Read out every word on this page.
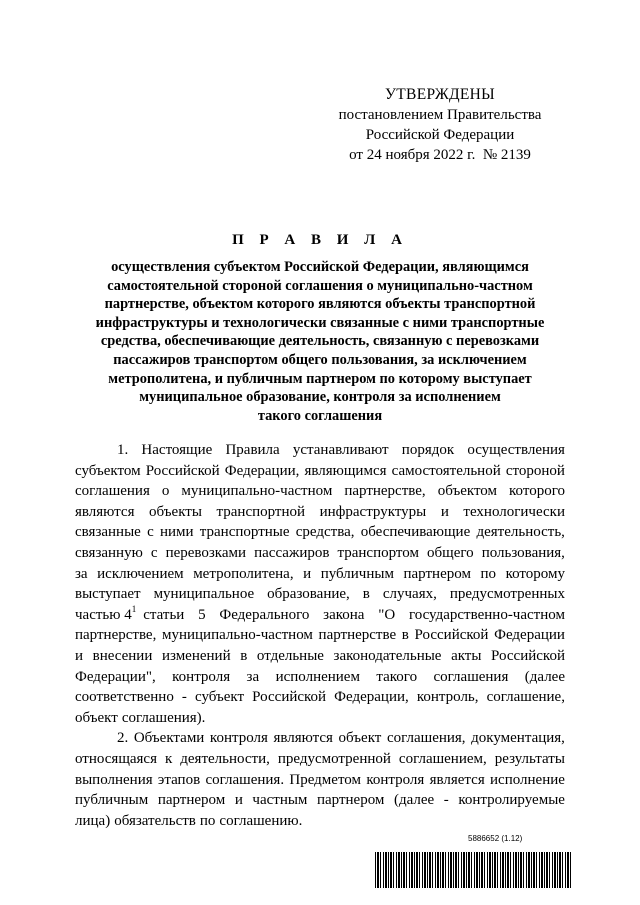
УТВЕРЖДЕНЫ
постановлением Правительства
Российской Федерации
от 24 ноября 2022 г.  № 2139
П Р А В И Л А
осуществления субъектом Российской Федерации, являющимся
самостоятельной стороной соглашения о муниципально-частном
партнерстве, объектом которого являются объекты транспортной
инфраструктуры и технологически связанные с ними транспортные
средства, обеспечивающие деятельность, связанную с перевозками
пассажиров транспортом общего пользования, за исключением
метрополитена, и публичным партнером по которому выступает
муниципальное образование, контроля за исполнением
такого соглашения
1. Настоящие Правила устанавливают порядок осуществления
субъектом Российской Федерации, являющимся самостоятельной стороной
соглашения о муниципально-частном партнерстве, объектом которого
являются объекты транспортной инфраструктуры и технологически
связанные с ними транспортные средства, обеспечивающие деятельность,
связанную с перевозками пассажиров транспортом общего пользования,
за исключением метрополитена, и публичным партнером по которому
выступает муниципальное образование, в случаях, предусмотренных
частью $4^1$ статьи 5 Федерального закона "О государственно-частном
партнерстве, муниципально-частном партнерстве в Российской Федерации
и внесении изменений в отдельные законодательные акты Российской
Федерации", контроля за исполнением такого соглашения (далее
соответственно - субъект Российской Федерации, контроль, соглашение,
объект соглашения).
2. Объектами контроля являются объект соглашения, документация,
относящаяся к деятельности, предусмотренной соглашением, результаты
выполнения этапов соглашения. Предметом контроля является исполнение
публичным партнером и частным партнером (далее - контролируемые
лица) обязательств по соглашению.
5886652 (1.12)
